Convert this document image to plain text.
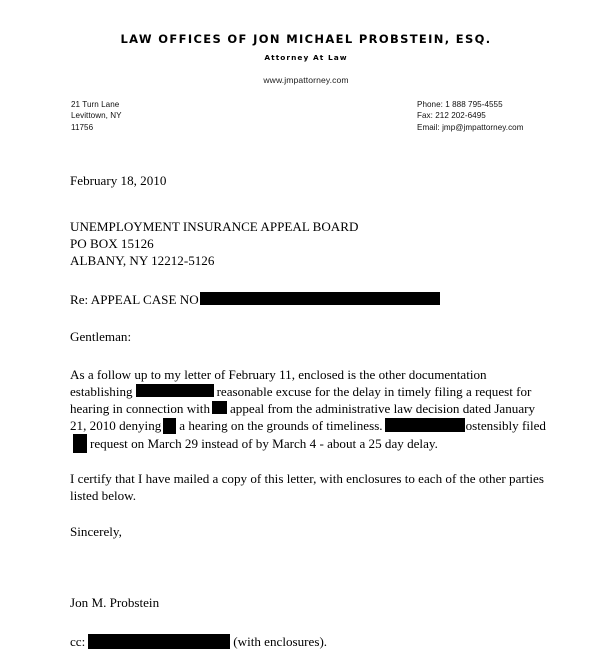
LAW OFFICES OF JON MICHAEL PROBSTEIN, ESQ.
Attorney At Law
www.jmpattorney.com
21 Turn Lane
Levittown, NY
11756
Phone: 1 888 795-4555
Fax: 212 202-6495
Email: jmp@jmpattorney.com

February 18, 2010

UNEMPLOYMENT INSURANCE APPEAL BOARD
PO BOX 15126
ALBANY, NY 12212-5126

Re: APPEAL CASE NO

Gentleman:

As a follow up to my letter of February 11, enclosed is the other documentation establishing	reasonable excuse for the delay in timely filing a request for hearing in connection with appeal from the administrative law decision dated January 21, 2010 denying a hearing on the grounds of timeliness.	ostensibly filedrequest on March 29 instead of by March 4 - about a 25 day delay.

I certify that I have mailed a copy of this letter, with enclosures to each of the other parties listed below.

Sincerely,

Jon M. Probstein

cc:	(with enclosures).
